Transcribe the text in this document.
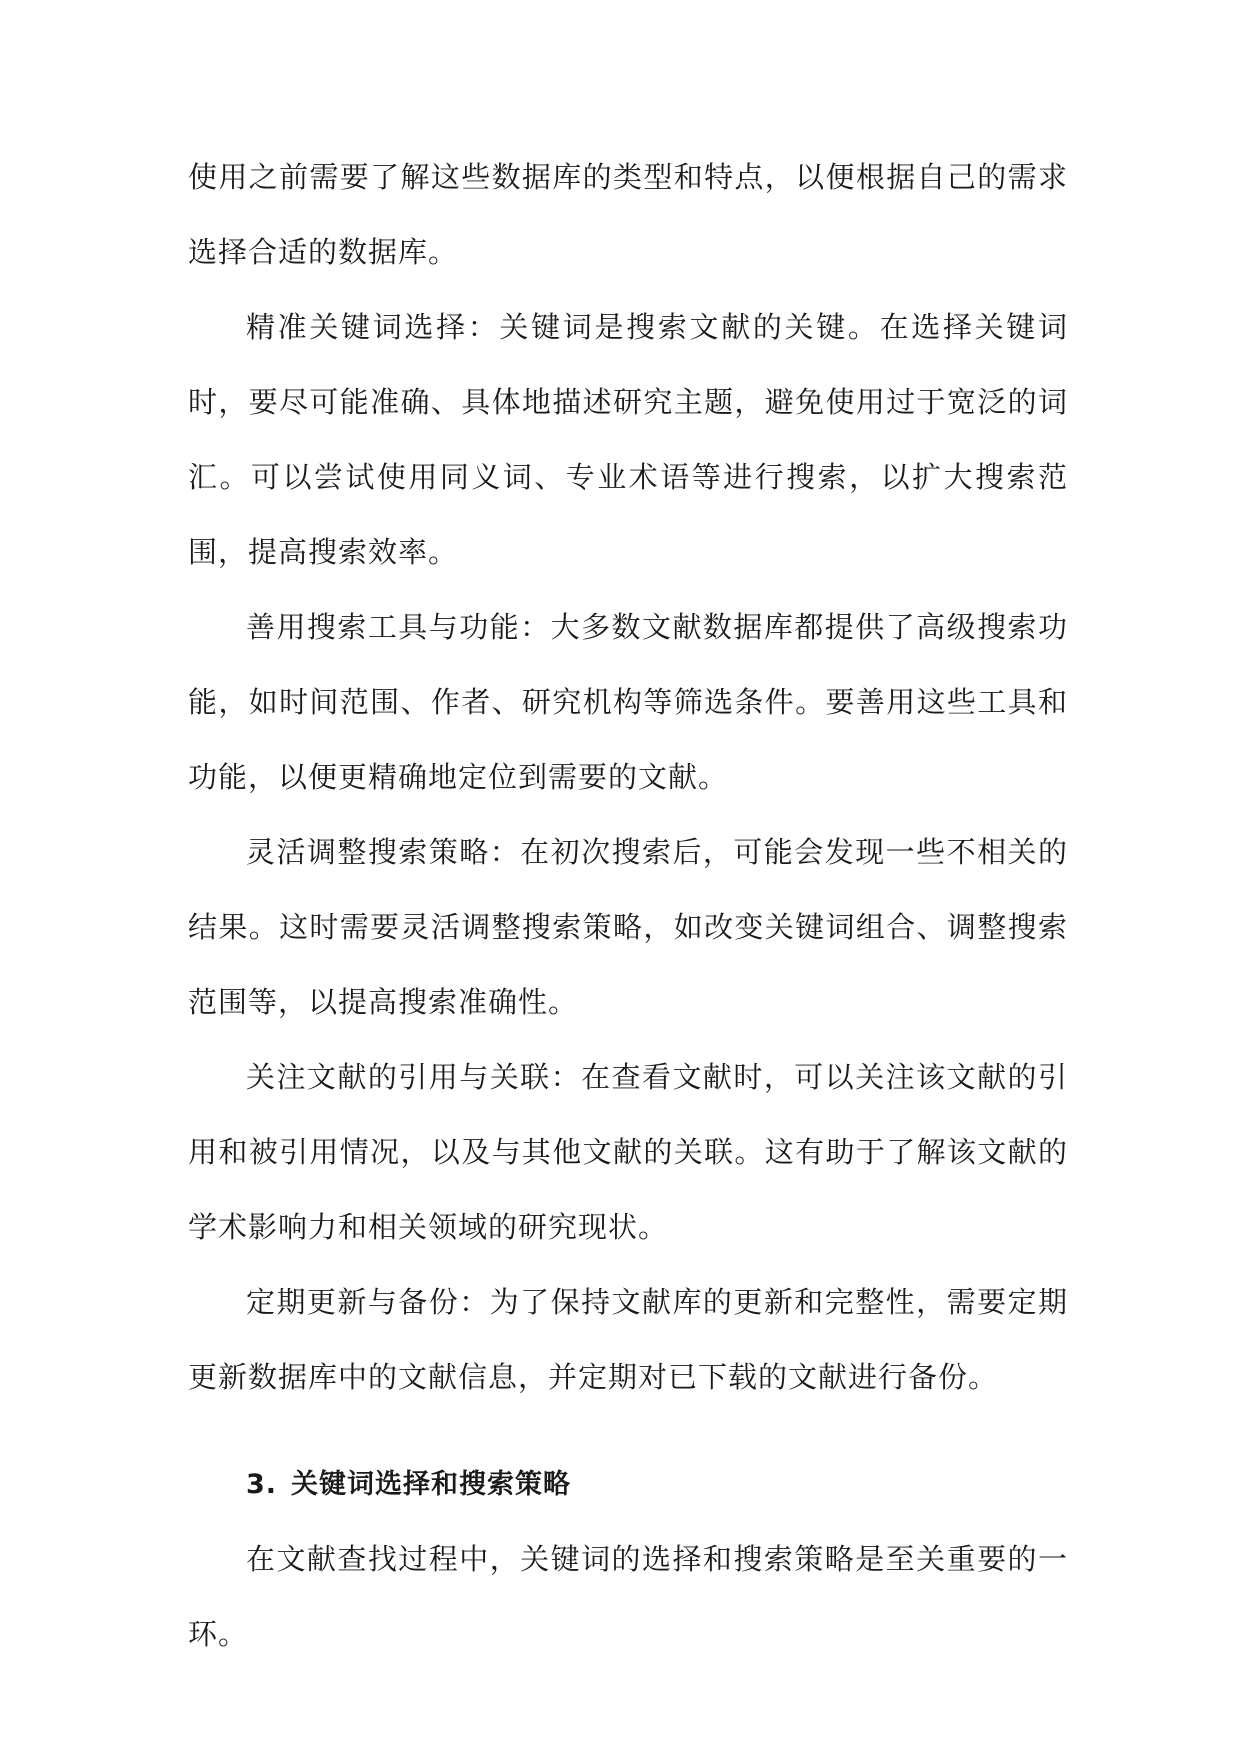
使用之前需要了解这些数据库的类型和特点，以便根据自己的需求选择合适的数据库。

精准关键词选择：关键词是搜索文献的关键。在选择关键词时，要尽可能准确、具体地描述研究主题，避免使用过于宽泛的词汇。可以尝试使用同义词、专业术语等进行搜索，以扩大搜索范围，提高搜索效率。

善用搜索工具与功能：大多数文献数据库都提供了高级搜索功能，如时间范围、作者、研究机构等筛选条件。要善用这些工具和功能，以便更精确地定位到需要的文献。

灵活调整搜索策略：在初次搜索后，可能会发现一些不相关的结果。这时需要灵活调整搜索策略，如改变关键词组合、调整搜索范围等，以提高搜索准确性。

关注文献的引用与关联：在查看文献时，可以关注该文献的引用和被引用情况，以及与其他文献的关联。这有助于了解该文献的学术影响力和相关领域的研究现状。

定期更新与备份：为了保持文献库的更新和完整性，需要定期更新数据库中的文献信息，并定期对已下载的文献进行备份。

3. 关键词选择和搜索策略

在文献查找过程中，关键词的选择和搜索策略是至关重要的一环。
